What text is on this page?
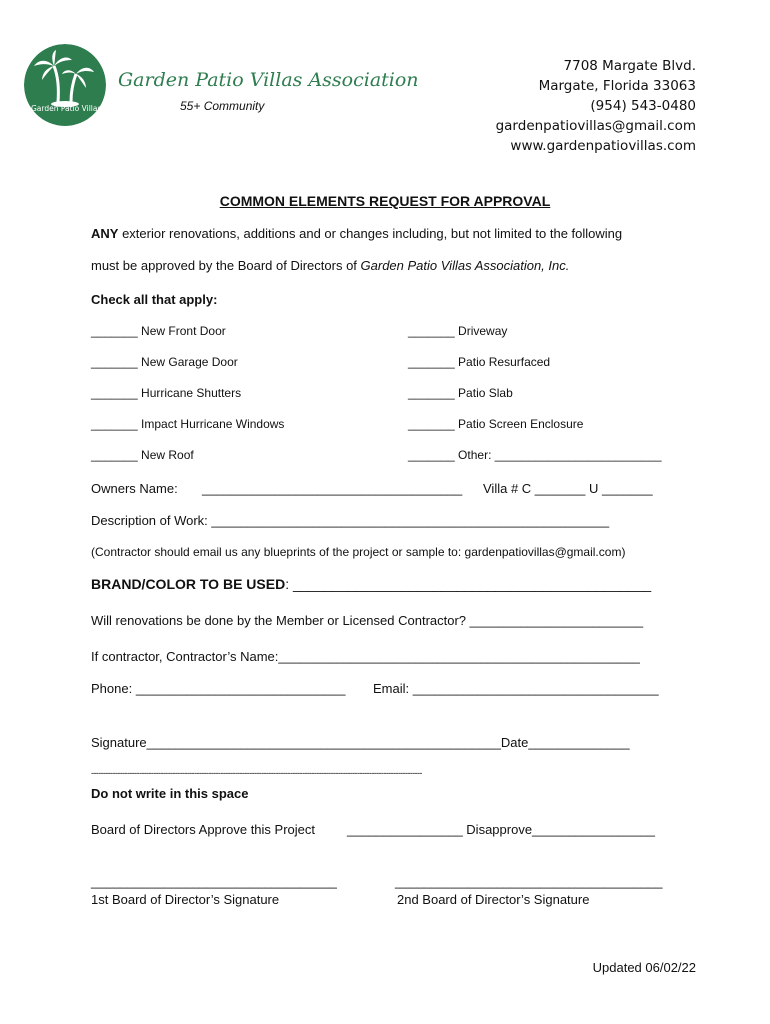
Garden Patio Villas
Garden Patio Villas Association
55+ Community
7708 Margate Blvd.
Margate, Florida 33063
(954) 543-0480
gardenpatiovillas@gmail.com
www.gardenpatiovillas.com
COMMON ELEMENTS REQUEST FOR APPROVAL
ANY exterior renovations, additions and or changes including, but not limited to the following
must be approved by the Board of Directors of Garden Patio Villas Association, Inc.
Check all that apply:
_______ New Front Door
_______ New Garage Door
_______ Hurricane Shutters
_______ Impact Hurricane Windows
_______ New Roof
_______ Driveway
_______ Patio Resurfaced
_______ Patio Slab
_______ Patio Screen Enclosure
_______ Other: _________________________
Owners Name: ____________________________________ Villa # C _______ U _______
Description of Work: _______________________________________________________
(Contractor should email us any blueprints of the project or sample to: gardenpatiovillas@gmail.com)
BRAND/COLOR TO BE USED: ______________________________________________
Will renovations be done by the Member or Licensed Contractor? ________________________
If contractor, Contractor’s Name:__________________________________________________
Phone: _____________________________ Email: __________________________________
Signature_________________________________________________Date______________
------------------------------------------------------------------------------------------------------------------------------------------
Do not write in this space
Board of Directors Approve this Project ________________ Disapprove_________________
__________________________________	_____________________________________
1st Board of Director’s Signature	2nd Board of Director’s Signature
Updated 06/02/22
